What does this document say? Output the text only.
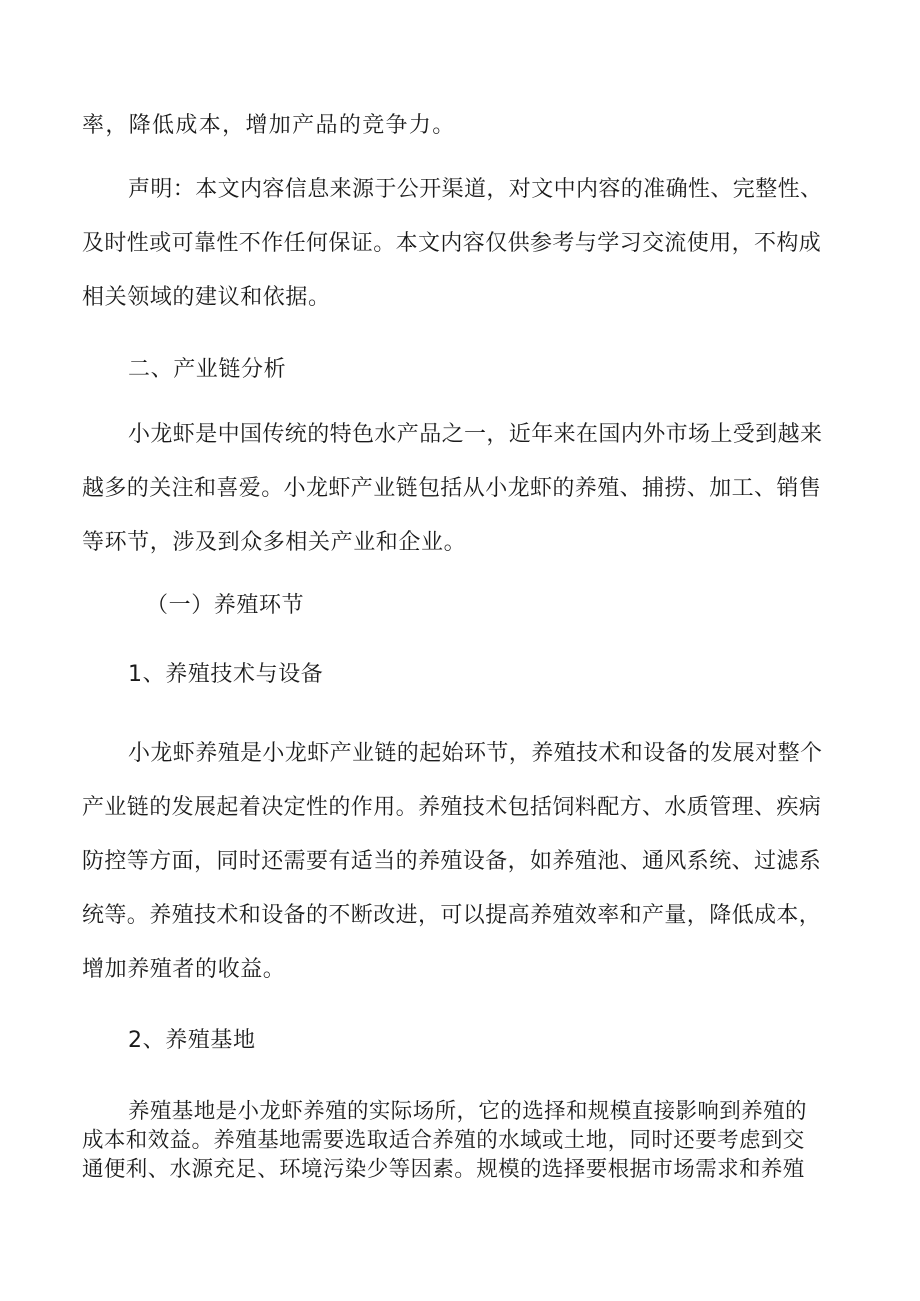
率，降低成本，增加产品的竞争力。
声明：本文内容信息来源于公开渠道，对文中内容的准确性、完整性、
及时性或可靠性不作任何保证。本文内容仅供参考与学习交流使用，不构成
相关领域的建议和依据。
二、产业链分析
小龙虾是中国传统的特色水产品之一，近年来在国内外市场上受到越来
越多的关注和喜爱。小龙虾产业链包括从小龙虾的养殖、捕捞、加工、销售
等环节，涉及到众多相关产业和企业。
（一）养殖环节
1、养殖技术与设备
小龙虾养殖是小龙虾产业链的起始环节，养殖技术和设备的发展对整个
产业链的发展起着决定性的作用。养殖技术包括饲料配方、水质管理、疾病
防控等方面，同时还需要有适当的养殖设备，如养殖池、通风系统、过滤系
统等。养殖技术和设备的不断改进，可以提高养殖效率和产量，降低成本，
增加养殖者的收益。
2、养殖基地
养殖基地是小龙虾养殖的实际场所，它的选择和规模直接影响到养殖的
成本和效益。养殖基地需要选取适合养殖的水域或土地，同时还要考虑到交
通便利、水源充足、环境污染少等因素。规模的选择要根据市场需求和养殖
